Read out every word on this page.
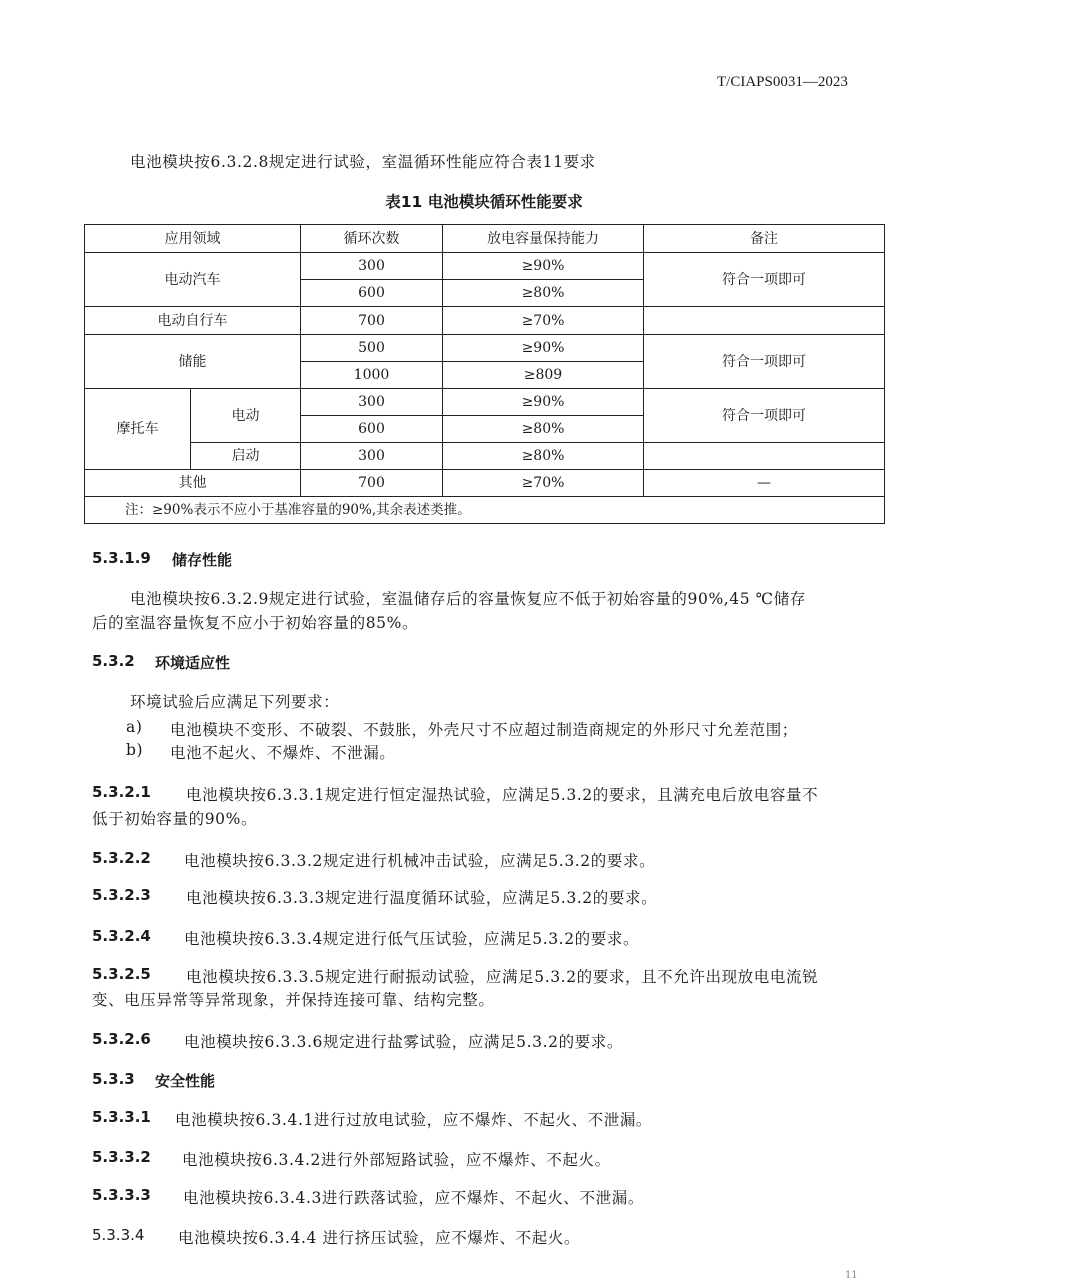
T/CIAPS0031—2023
电池模块按6.3.2.8规定进行试验，室温循环性能应符合表11要求
表11 电池模块循环性能要求
应用领域		循环次数	放电容量保持能力	备注
电动汽车		300	≥90%	符合一项即可
		600	≥80%	
电动自行车		700	≥70%	
储能		500	≥90%	符合一项即可
		1000	≥809	
摩托车	电动	300	≥90%	符合一项即可
		600	≥80%	
	启动	300	≥80%	
其他		700	≥70%	—
注：≥90%表示不应小于基准容量的90%,其余表述类推。				
5.3.1.9 储存性能
电池模块按6.3.2.9规定进行试验，室温储存后的容量恢复应不低于初始容量的90%,45 ℃储存
后的室温容量恢复不应小于初始容量的85%。
5.3.2 环境适应性
环境试验后应满足下列要求：
a) 电池模块不变形、不破裂、不鼓胀，外壳尺寸不应超过制造商规定的外形尺寸允差范围；
b) 电池不起火、不爆炸、不泄漏。
5.3.2.1 电池模块按6.3.3.1规定进行恒定湿热试验，应满足5.3.2的要求，且满充电后放电容量不
低于初始容量的90%。
5.3.2.2 电池模块按6.3.3.2规定进行机械冲击试验，应满足5.3.2的要求。
5.3.2.3 电池模块按6.3.3.3规定进行温度循环试验，应满足5.3.2的要求。
5.3.2.4 电池模块按6.3.3.4规定进行低气压试验，应满足5.3.2的要求。
5.3.2.5 电池模块按6.3.3.5规定进行耐振动试验，应满足5.3.2的要求，且不允许出现放电电流锐
变、电压异常等异常现象，并保持连接可靠、结构完整。
5.3.2.6 电池模块按6.3.3.6规定进行盐雾试验，应满足5.3.2的要求。
5.3.3 安全性能
5.3.3.1 电池模块按6.3.4.1进行过放电试验，应不爆炸、不起火、不泄漏。
5.3.3.2 电池模块按6.3.4.2进行外部短路试验，应不爆炸、不起火。
5.3.3.3 电池模块按6.3.4.3进行跌落试验，应不爆炸、不起火、不泄漏。
5.3.3.4 电池模块按6.3.4.4 进行挤压试验，应不爆炸、不起火。
11
